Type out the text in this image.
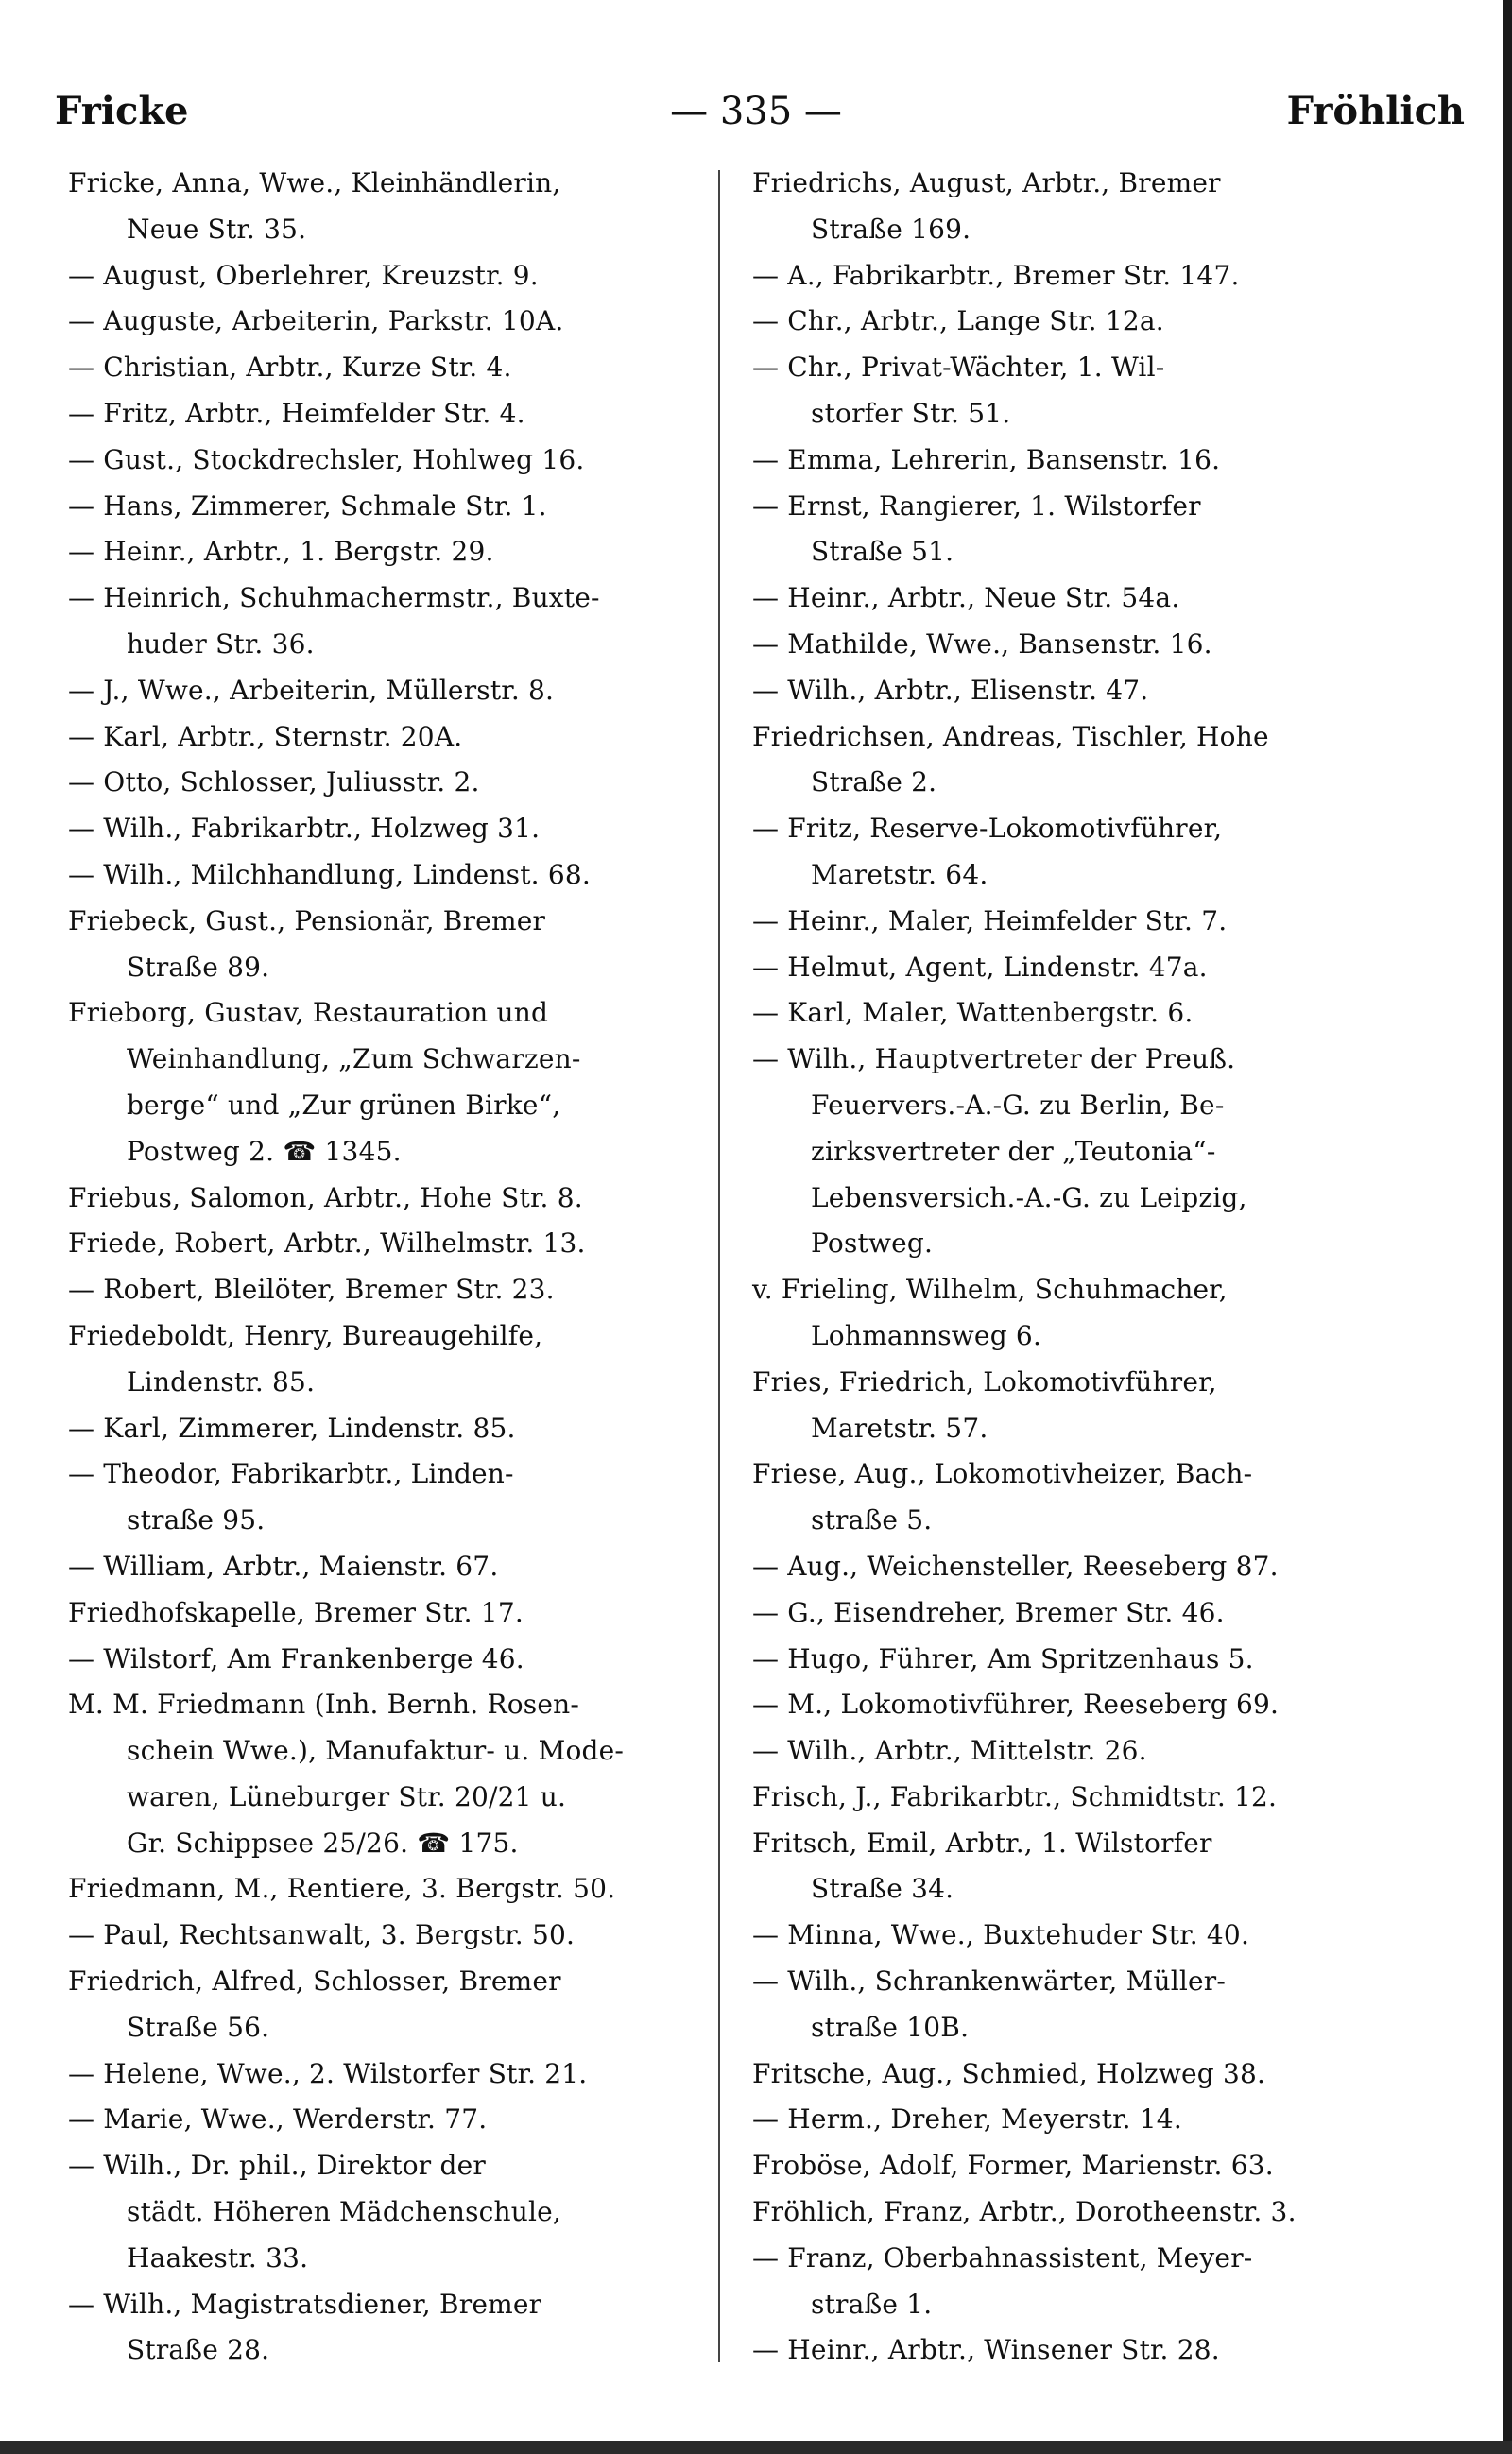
Fricke	— 335 —	Fröhlich
Fricke, Anna, Wwe., Kleinhändlerin,
Neue Str. 35.
— August, Oberlehrer, Kreuzstr. 9.
— Auguste, Arbeiterin, Parkstr. 10A.
— Christian, Arbtr., Kurze Str. 4.
— Fritz, Arbtr., Heimfelder Str. 4.
— Gust., Stockdrechsler, Hohlweg 16.
— Hans, Zimmerer, Schmale Str. 1.
— Heinr., Arbtr., 1. Bergstr. 29.
— Heinrich, Schuhmachermstr., Buxte-
huder Str. 36.
— J., Wwe., Arbeiterin, Müllerstr. 8.
— Karl, Arbtr., Sternstr. 20A.
— Otto, Schlosser, Juliusstr. 2.
— Wilh., Fabrikarbtr., Holzweg 31.
— Wilh., Milchhandlung, Lindenst. 68.
Friebeck, Gust., Pensionär, Bremer
Straße 89.
Frieborg, Gustav, Restauration und
Weinhandlung, „Zum Schwarzen-
berge“ und „Zur grünen Birke“,
Postweg 2. ☎ 1345.
Friebus, Salomon, Arbtr., Hohe Str. 8.
Friede, Robert, Arbtr., Wilhelmstr. 13.
— Robert, Bleilöter, Bremer Str. 23.
Friedeboldt, Henry, Bureaugehilfe,
Lindenstr. 85.
— Karl, Zimmerer, Lindenstr. 85.
— Theodor, Fabrikarbtr., Linden-
straße 95.
— William, Arbtr., Maienstr. 67.
Friedhofskapelle, Bremer Str. 17.
— Wilstorf, Am Frankenberge 46.
M. M. Friedmann (Inh. Bernh. Rosen-
schein Wwe.), Manufaktur- u. Mode-
waren, Lüneburger Str. 20/21 u.
Gr. Schippsee 25/26. ☎ 175.
Friedmann, M., Rentiere, 3. Bergstr. 50.
— Paul, Rechtsanwalt, 3. Bergstr. 50.
Friedrich, Alfred, Schlosser, Bremer
Straße 56.
— Helene, Wwe., 2. Wilstorfer Str. 21.
— Marie, Wwe., Werderstr. 77.
— Wilh., Dr. phil., Direktor der
städt. Höheren Mädchenschule,
Haakestr. 33.
— Wilh., Magistratsdiener, Bremer
Straße 28.
Friedrichs, August, Arbtr., Bremer
Straße 169.
— A., Fabrikarbtr., Bremer Str. 147.
— Chr., Arbtr., Lange Str. 12a.
— Chr., Privat-Wächter, 1. Wil-
storfer Str. 51.
— Emma, Lehrerin, Bansenstr. 16.
— Ernst, Rangierer, 1. Wilstorfer
Straße 51.
— Heinr., Arbtr., Neue Str. 54a.
— Mathilde, Wwe., Bansenstr. 16.
— Wilh., Arbtr., Elisenstr. 47.
Friedrichsen, Andreas, Tischler, Hohe
Straße 2.
— Fritz, Reserve-Lokomotivführer,
Maretstr. 64.
— Heinr., Maler, Heimfelder Str. 7.
— Helmut, Agent, Lindenstr. 47a.
— Karl, Maler, Wattenbergstr. 6.
— Wilh., Hauptvertreter der Preuß.
Feuervers.-A.-G. zu Berlin, Be-
zirksvertreter der „Teutonia“-
Lebensversich.-A.-G. zu Leipzig,
Postweg.
v. Frieling, Wilhelm, Schuhmacher,
Lohmannsweg 6.
Fries, Friedrich, Lokomotivführer,
Maretstr. 57.
Friese, Aug., Lokomotivheizer, Bach-
straße 5.
— Aug., Weichensteller, Reeseberg 87.
— G., Eisendreher, Bremer Str. 46.
— Hugo, Führer, Am Spritzenhaus 5.
— M., Lokomotivführer, Reeseberg 69.
— Wilh., Arbtr., Mittelstr. 26.
Frisch, J., Fabrikarbtr., Schmidtstr. 12.
Fritsch, Emil, Arbtr., 1. Wilstorfer
Straße 34.
— Minna, Wwe., Buxtehuder Str. 40.
— Wilh., Schrankenwärter, Müller-
straße 10B.
Fritsche, Aug., Schmied, Holzweg 38.
— Herm., Dreher, Meyerstr. 14.
Froböse, Adolf, Former, Marienstr. 63.
Fröhlich, Franz, Arbtr., Dorotheenstr. 3.
— Franz, Oberbahnassistent, Meyer-
straße 1.
— Heinr., Arbtr., Winsener Str. 28.
